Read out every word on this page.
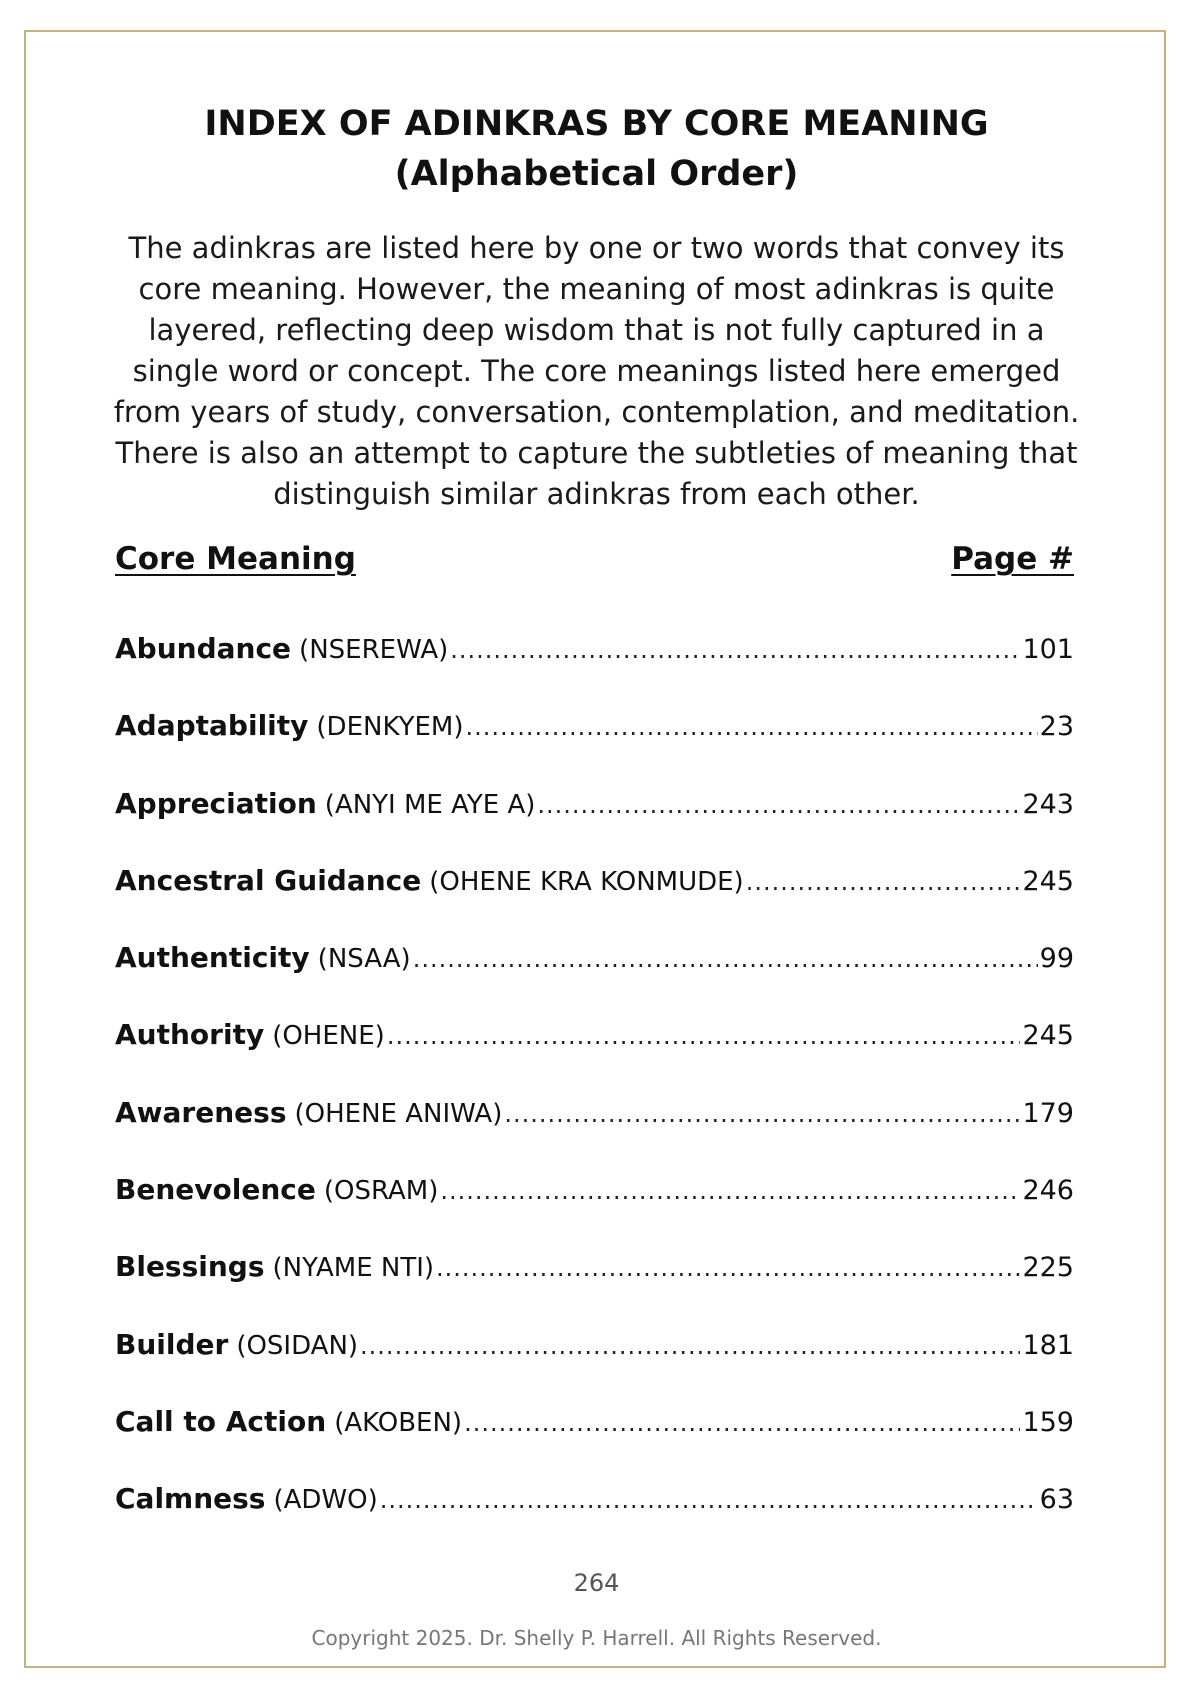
INDEX OF ADINKRAS BY CORE MEANING
(Alphabetical Order)

The adinkras are listed here by one or two words that convey its core meaning. However, the meaning of most adinkras is quite layered, reflecting deep wisdom that is not fully captured in a single word or concept. The core meanings listed here emerged from years of study, conversation, contemplation, and meditation. There is also an attempt to capture the subtleties of meaning that distinguish similar adinkras from each other.

Core Meaning	Page #
Abundance (NSEREWA) .....	101
Adaptability (DENKYEM) .....	23
Appreciation (ANYI ME AYE A) .....	243
Ancestral Guidance (OHENE KRA KONMUDE) .....	245
Authenticity (NSAA) .....	99
Authority (OHENE) .....	245
Awareness (OHENE ANIWA) .....	179
Benevolence (OSRAM) .....	246
Blessings (NYAME NTI) .....	225
Builder (OSIDAN) .....	181
Call to Action (AKOBEN) .....	159
Calmness (ADWO) .....	63
264
Copyright 2025. Dr. Shelly P. Harrell. All Rights Reserved.
